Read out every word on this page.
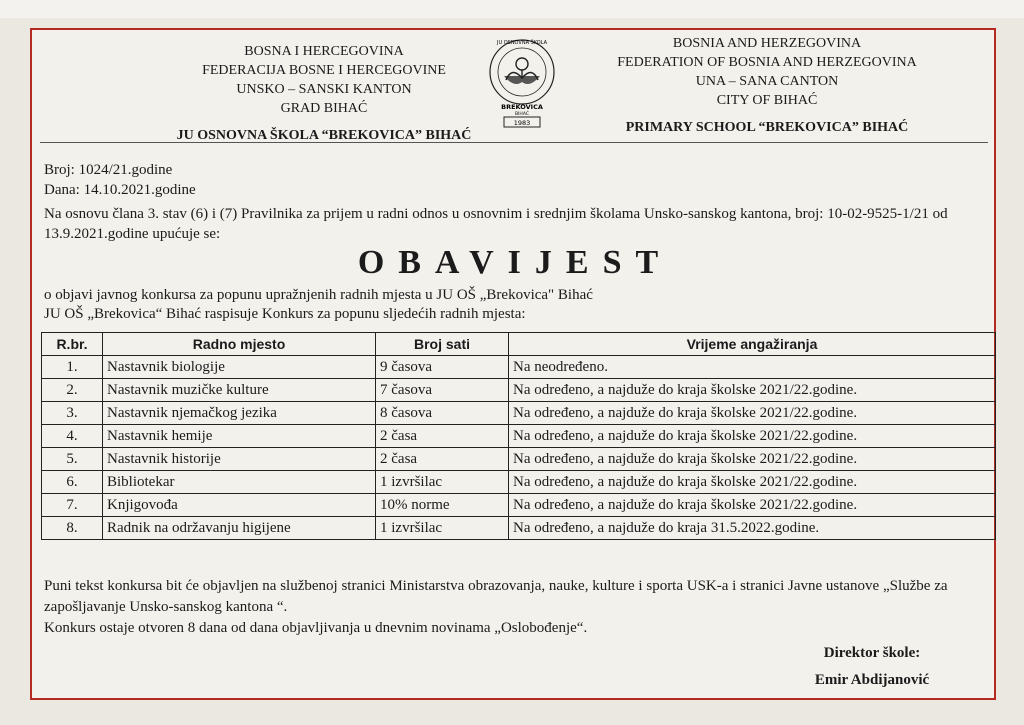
BOSNA I HERCEGOVINA
FEDERACIJA BOSNE I HERCEGOVINE
UNSKO – SANSKI KANTON
GRAD BIHAĆ
JU OSNOVNA ŠKOLA “BREKOVICA” BIHAĆ
JU OSNOVNA ŠKOLA
BREKOVICA
BIHAĆ
1983
BOSNIA AND HERZEGOVINA
FEDERATION OF BOSNIA AND HERZEGOVINA
UNA – SANA CANTON
CITY OF BIHAĆ
PRIMARY SCHOOL “BREKOVICA” BIHAĆ
Broj: 1024/21.godine
Dana: 14.10.2021.godine
Na osnovu člana 3. stav (6) i (7) Pravilnika za prijem u radni odnos u osnovnim i srednjim školama Unsko-sanskog kantona, broj: 10-02-9525-1/21 od 13.9.2021.godine upućuje se:
OBAVIJEST
o objavi javnog konkursa za popunu upražnjenih radnih mjesta u JU OŠ „Brekovica" Bihać
JU OŠ „Brekovica“ Bihać raspisuje Konkurs za popunu sljedećih radnih mjesta:
R.br.	Radno mjesto	Broj sati	Vrijeme angažiranja
1.	Nastavnik biologije	9 časova	Na neodređeno.
2.	Nastavnik muzičke kulture	7 časova	Na određeno, a najduže do kraja školske 2021/22.godine.
3.	Nastavnik njemačkog jezika	8 časova	Na određeno, a najduže do kraja školske 2021/22.godine.
4.	Nastavnik hemije	2 časa	Na određeno, a najduže do kraja školske 2021/22.godine.
5.	Nastavnik historije	2 časa	Na određeno, a najduže do kraja školske 2021/22.godine.
6.	Bibliotekar	1 izvršilac	Na određeno, a najduže do kraja školske 2021/22.godine.
7.	Knjigovođa	10% norme	Na određeno, a najduže do kraja školske 2021/22.godine.
8.	Radnik na održavanju higijene	1 izvršilac	Na određeno, a najduže do kraja 31.5.2022.godine.
Puni tekst konkursa bit će objavljen na službenoj stranici Ministarstva obrazovanja, nauke, kulture i sporta USK-a i stranici Javne ustanove „Službe za zapošljavanje Unsko-sanskog kantona “.
Konkurs ostaje otvoren 8 dana od dana objavljivanja u dnevnim novinama „Oslobođenje“.
Direktor škole:
Emir Abdijanović
